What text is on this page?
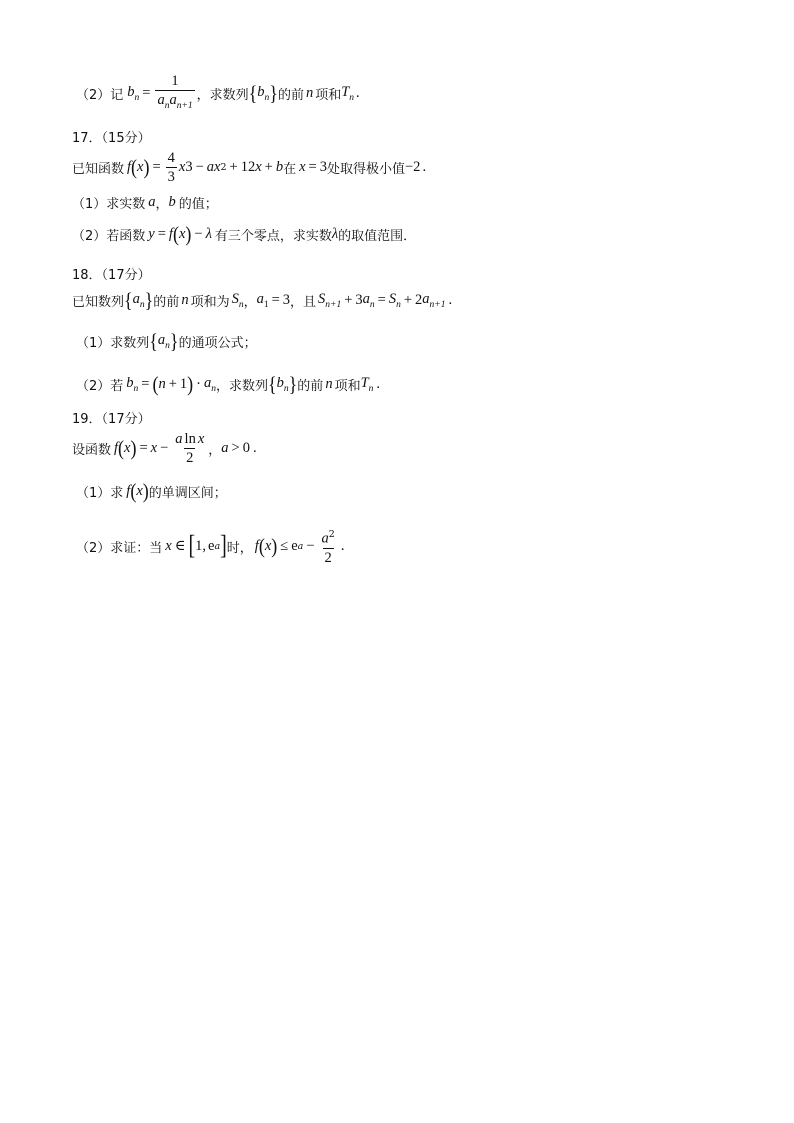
（2）记 $b_n = \frac{1}{a_na_{n+1}}$ ，求数列 { $b_n$ } 的前 n 项和 $T_n$ .
17．（15分）
已知函数 f ( x ) = $\frac{4}{3}$ x 3 − a x 2 + 12 x + b 在 x = 3 处取得极小值 −2 .
（1）求实数 a ， b 的值；
（2）若函数 y = f ( x ) − λ 有三个零点，求实数 λ 的取值范围．
18．（17分）
已知数列 { $a_n$ } 的前 n 项和为 $S_n$ ， $a_1 = 3$ ，且 $S_{n+1} + 3$ $a_n = S_n + 2$ $a_{n+1}$ .
（1）求数列 { $a_n$ } 的通项公式；
（2）若 $b_n$ = ( n + 1 ) · $a_n$ ，求数列 { $b_n$ } 的前 n 项和 $T_n$ .
19．（17分）
设函数 f ( x ) = $x - \frac{\text{a ln x}}{2}$ ， a > 0 .
（1）求 f ( x ) 的单调区间；
（2）求证：当 x ∈ [ 1 , e a ] 时， f ( x ) ≤ e $a - \frac{a^2}{2}$ .
